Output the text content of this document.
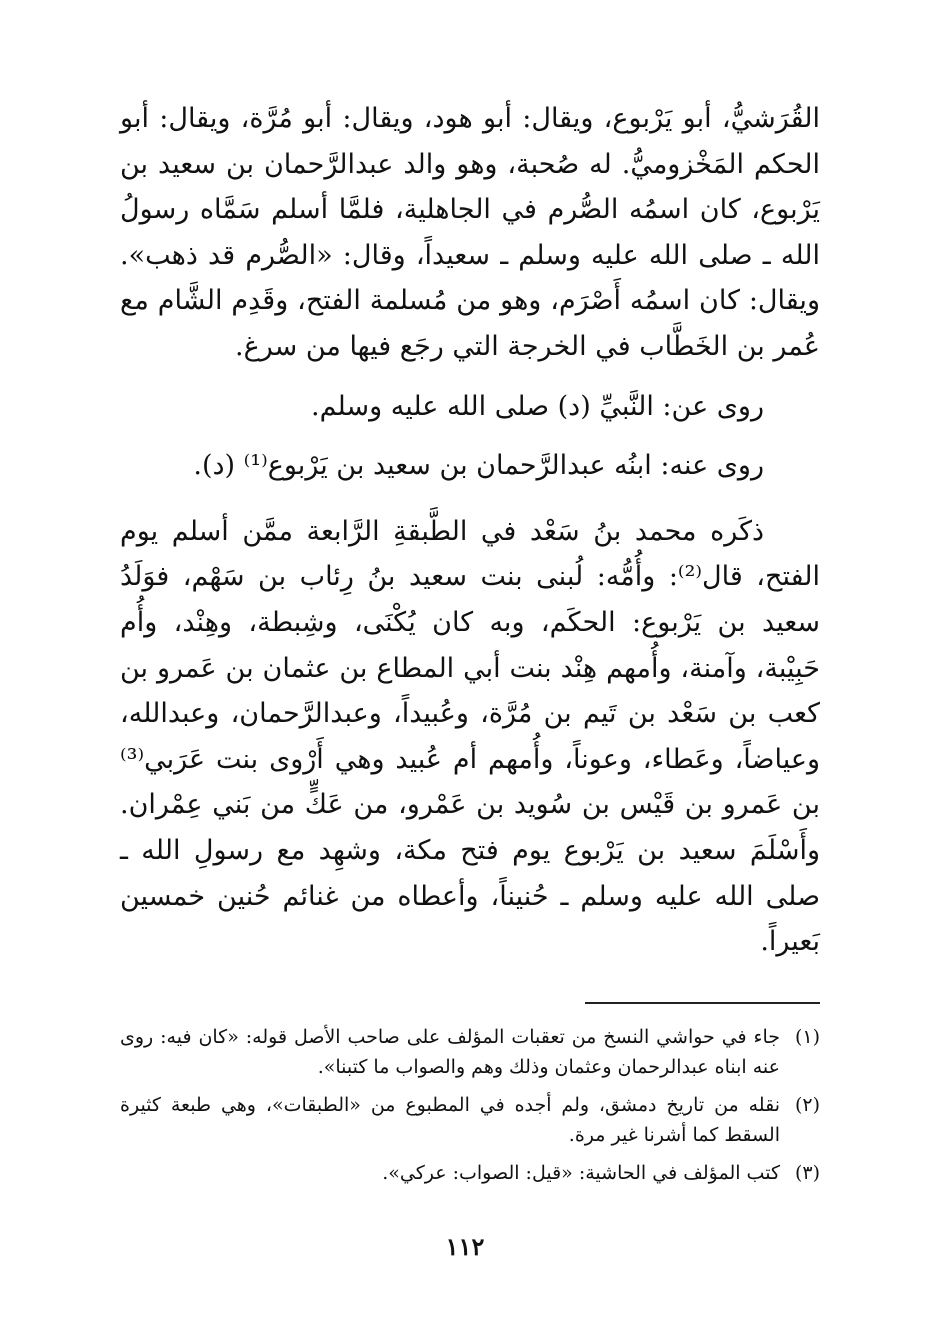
القُرَشيُّ، أبو يَرْبوع، ويقال: أبو هود، ويقال: أبو مُرَّة، ويقال: أبو الحكم المَخْزوميُّ. له صُحبة، وهو والد عبدالرَّحمان بن سعيد بن يَرْبوع، كان اسمُه الصُّرم في الجاهلية، فلمَّا أسلم سَمَّاه رسولُ الله ـ صلى الله عليه وسلم ـ سعيداً، وقال: «الصُّرم قد ذهب». ويقال: كان اسمُه أَصْرَم، وهو من مُسلمة الفتح، وقَدِم الشَّام مع عُمر بن الخَطَّاب في الخرجة التي رجَع فيها من سرغ.

روى عن: النَّبيِّ (د) صلى الله عليه وسلم.

روى عنه: ابنُه عبدالرَّحمان بن سعيد بن يَرْبوع⁽¹⁾ (د).

ذكَره محمد بنُ سَعْد في الطَّبقةِ الرَّابعة ممَّن أسلم يوم الفتح، قال⁽²⁾: وأُمُّه: لُبنى بنت سعيد بنُ رِئاب بن سَهْم، فوَلَدُ سعيد بن يَرْبوع: الحكَم، وبه كان يُكْنَى، وشِبطة، وهِنْد، وأُم حَبِيْبة، وآمنة، وأُمهم هِنْد بنت أبي المطاع بن عثمان بن عَمرو بن كعب بن سَعْد بن تَيم بن مُرَّة، وعُبيداً، وعبدالرَّحمان، وعبدالله، وعياضاً، وعَطاء، وعوناً، وأُمهم أم عُبيد وهي أَرْوى بنت عَرَبي⁽³⁾ بن عَمرو بن قَيْس بن سُويد بن عَمْرو، من عَكٍّ من بَني عِمْران. وأَسْلَمَ سعيد بن يَرْبوع يوم فتح مكة، وشهِد مع رسولِ الله ـ صلى الله عليه وسلم ـ حُنيناً، وأعطاه من غنائم حُنين خمسين بَعيراً.

(١)
جاء في حواشي النسخ من تعقبات المؤلف على صاحب الأصل قوله: «كان فيه: روى عنه ابناه عبدالرحمان وعثمان وذلك وهم والصواب ما كتبنا».

(٢)
نقله من تاريخ دمشق، ولم أجده في المطبوع من «الطبقات»، وهي طبعة كثيرة السقط كما أشرنا غير مرة.

(٣)
كتب المؤلف في الحاشية: «قيل: الصواب: عركي».

١١٢
